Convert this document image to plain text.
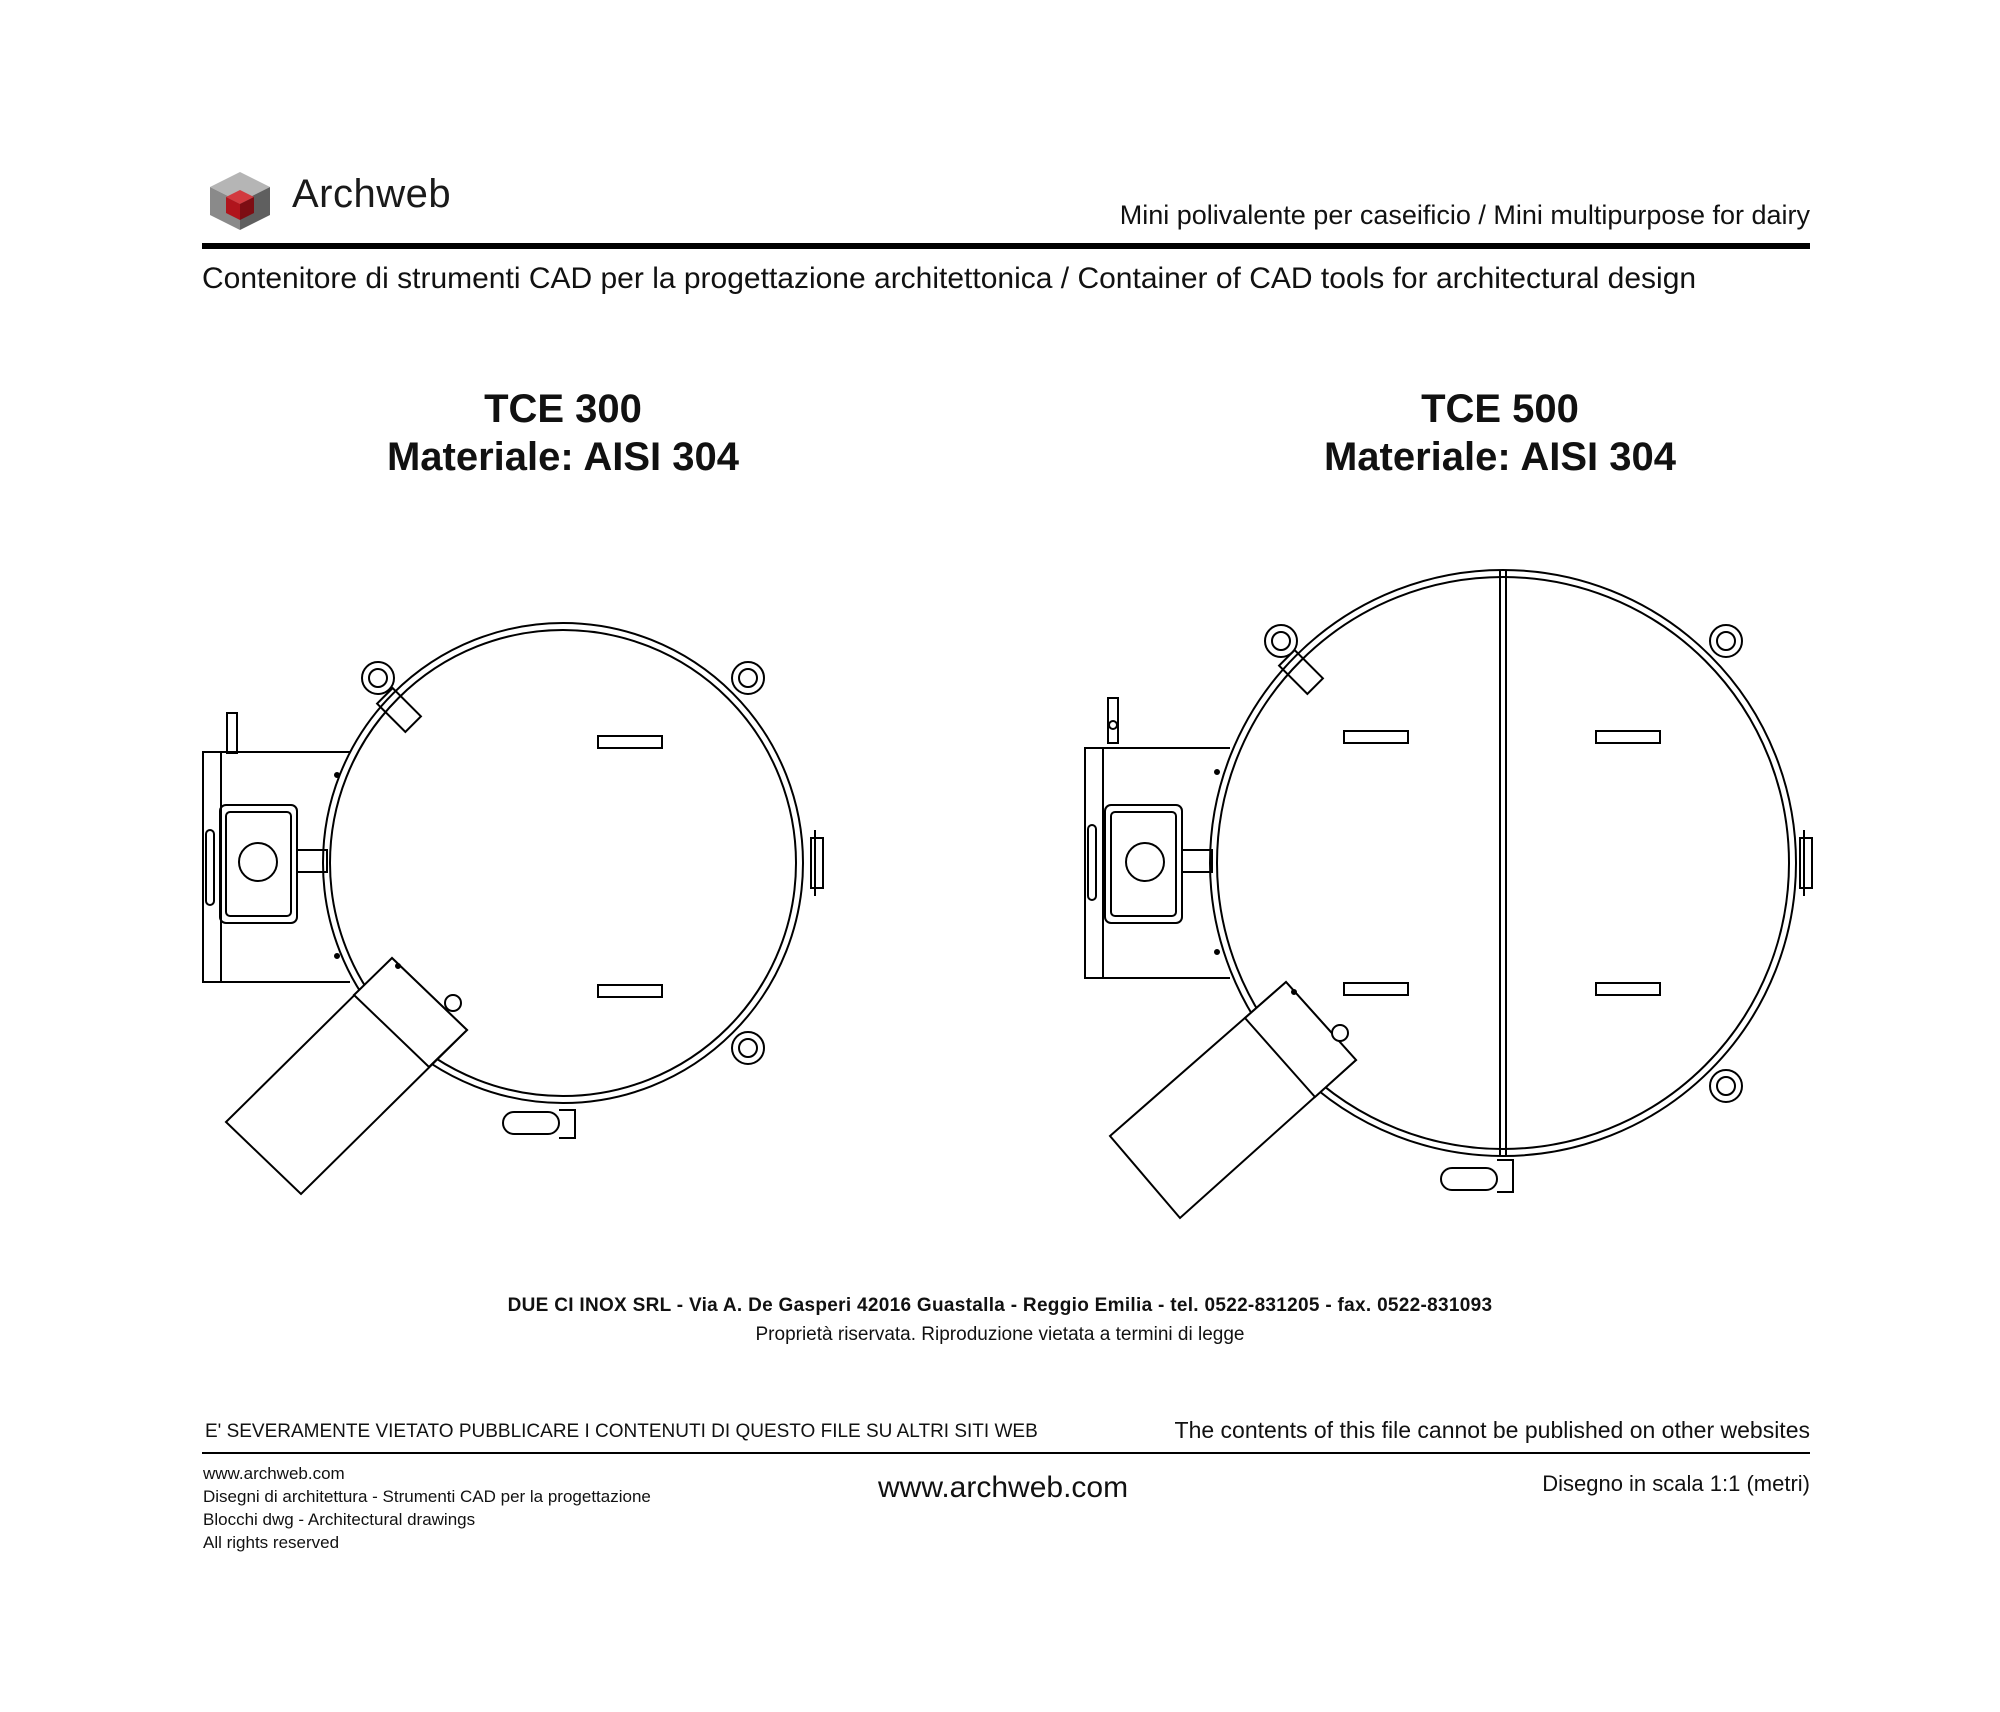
Archweb	Mini polivalente per caseificio / Mini multipurpose for dairy
Contenitore di strumenti CAD per la progettazione architettonica / Container of CAD tools for architectural design
TCE 300
Materiale: AISI 304
TCE 500
Materiale: AISI 304
DUE CI INOX SRL - Via A. De Gasperi 42016 Guastalla - Reggio Emilia - tel. 0522-831205 - fax. 0522-831093
Proprietà riservata. Riproduzione vietata a termini di legge
E' SEVERAMENTE VIETATO PUBBLICARE I CONTENUTI DI QUESTO FILE SU ALTRI SITI WEB	The contents of this file cannot be published on other websites
www.archweb.com
Disegni di architettura - Strumenti CAD per la progettazione
Blocchi dwg - Architectural drawings
All rights reserved
www.archweb.com	Disegno in scala 1:1 (metri)
